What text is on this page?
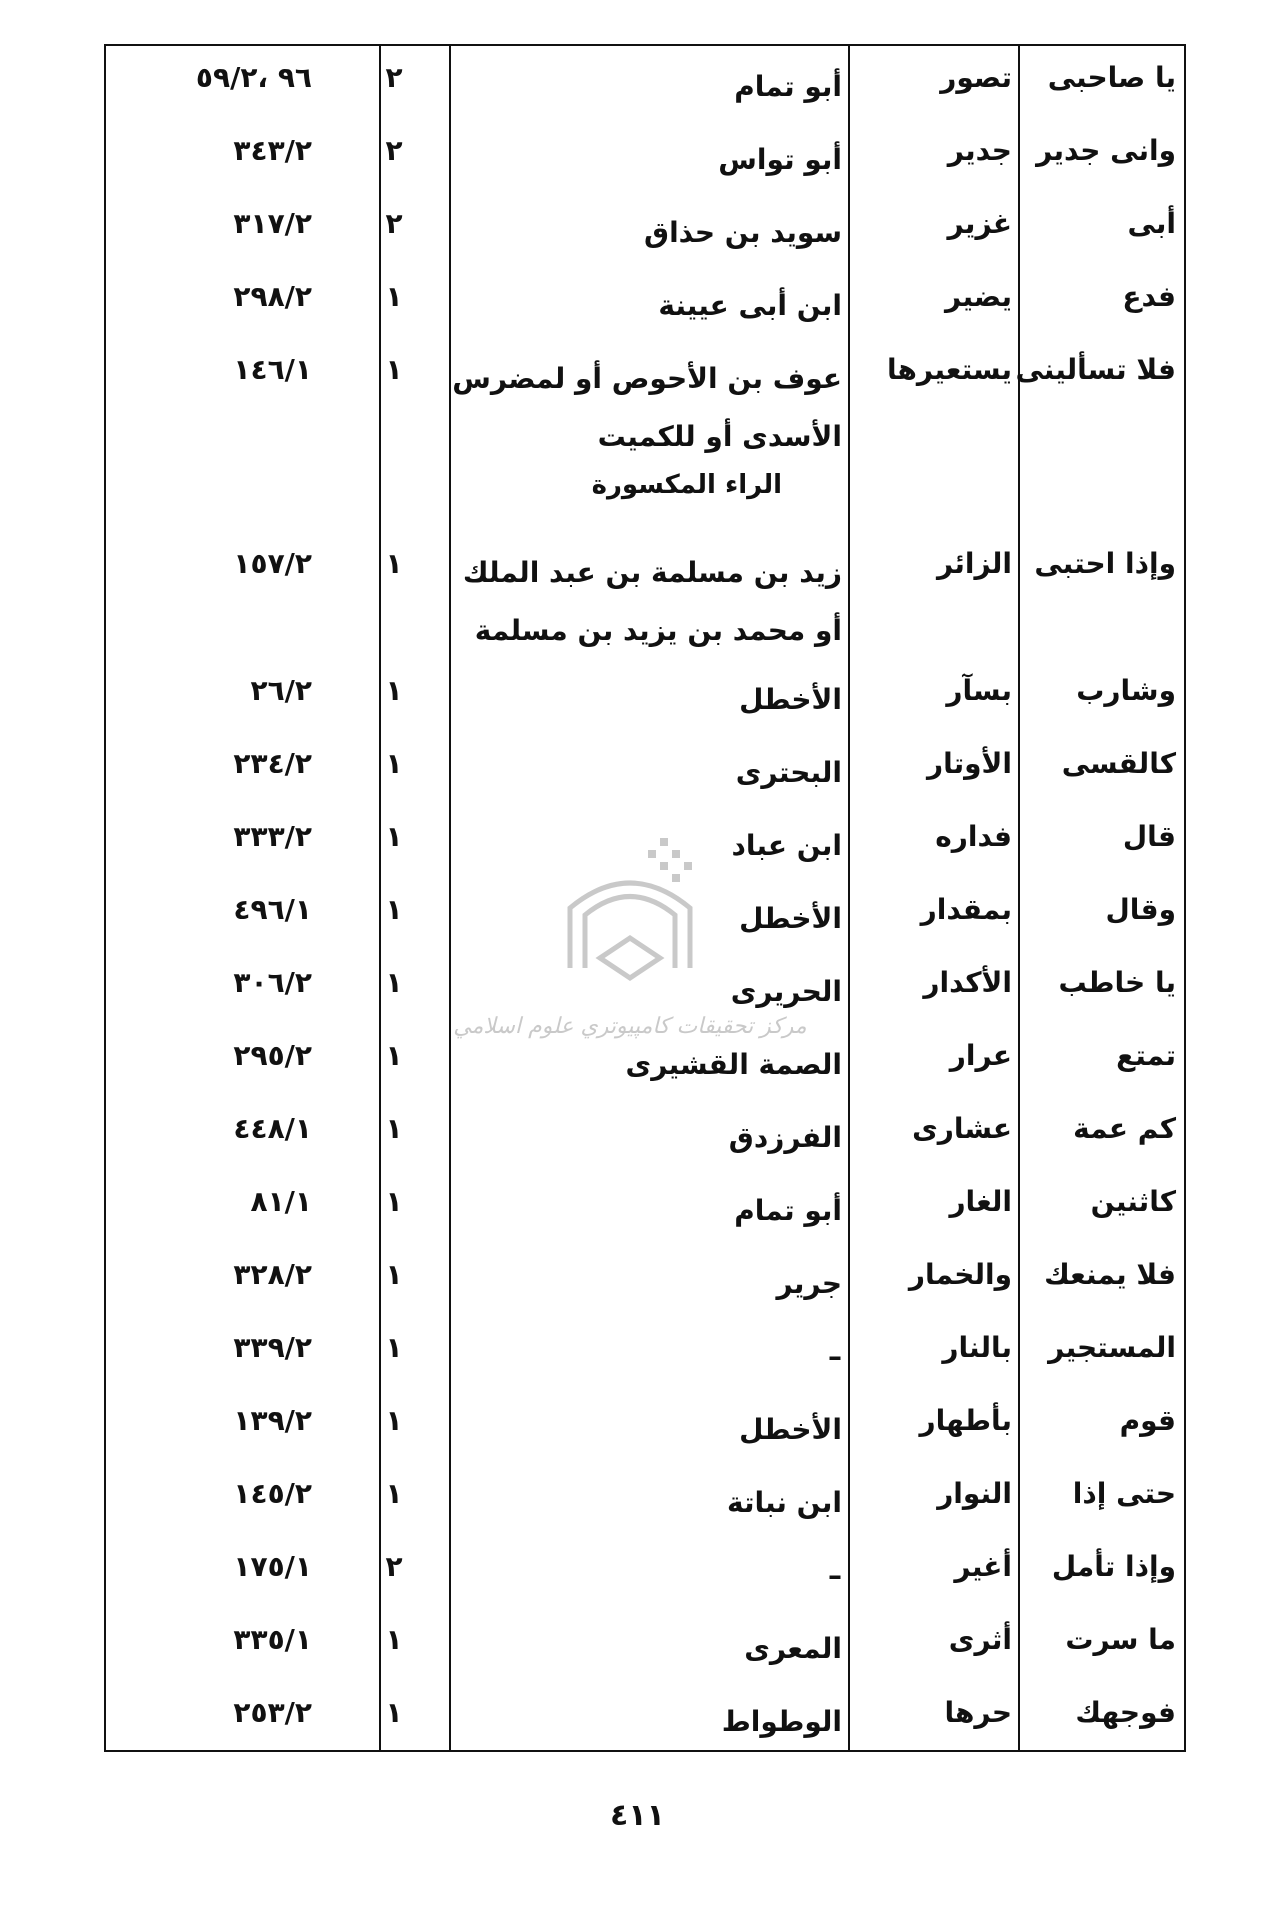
يا صاحبى
تصور
أبو تمام
٢
٩٦ ،٥٩/٢
وانى جدير
جدير
أبو تواس
٢
٣٤٣/٢
أبى
غزير
سويد بن حذاق
٢
٣١٧/٢
فدع
يضير
ابن أبى عيينة
١
٢٩٨/٢
فلا تسألينى
يستعيرها
عوف بن الأحوص أو لمضرس الأسدى أو للكميت
١
١٤٦/١
وإذا احتبى
الزائر
زيد بن مسلمة بن عبد الملك أو محمد بن يزيد بن مسلمة
١
١٥٧/٢
وشارب
بسآر
الأخطل
١
٢٦/٢
كالقسى
الأوتار
البحترى
١
٢٣٤/٢
قال
فداره
ابن عباد
١
٣٣٣/٢
وقال
بمقدار
الأخطل
١
٤٩٦/١
يا خاطب
الأكدار
الحريرى
١
٣٠٦/٢
تمتع
عرار
الصمة القشيرى
١
٢٩٥/٢
كم عمة
عشارى
الفرزدق
١
٤٤٨/١
كاثنين
الغار
أبو تمام
١
٨١/١
فلا يمنعك
والخمار
جرير
١
٣٢٨/٢
المستجير
بالنار
–
١
٣٣٩/٢
قوم
بأطهار
الأخطل
١
١٣٩/٢
حتى إذا
النوار
ابن نباتة
١
١٤٥/٢
وإذا تأمل
أغير
–
٢
١٧٥/١
ما سرت
أثرى
المعرى
١
٣٣٥/١
فوجهك
حرها
الوطواط
١
٢٥٣/٢
الراء المكسورة
مركز تحقيقات كامپيوتري علوم اسلامي
٤١١
